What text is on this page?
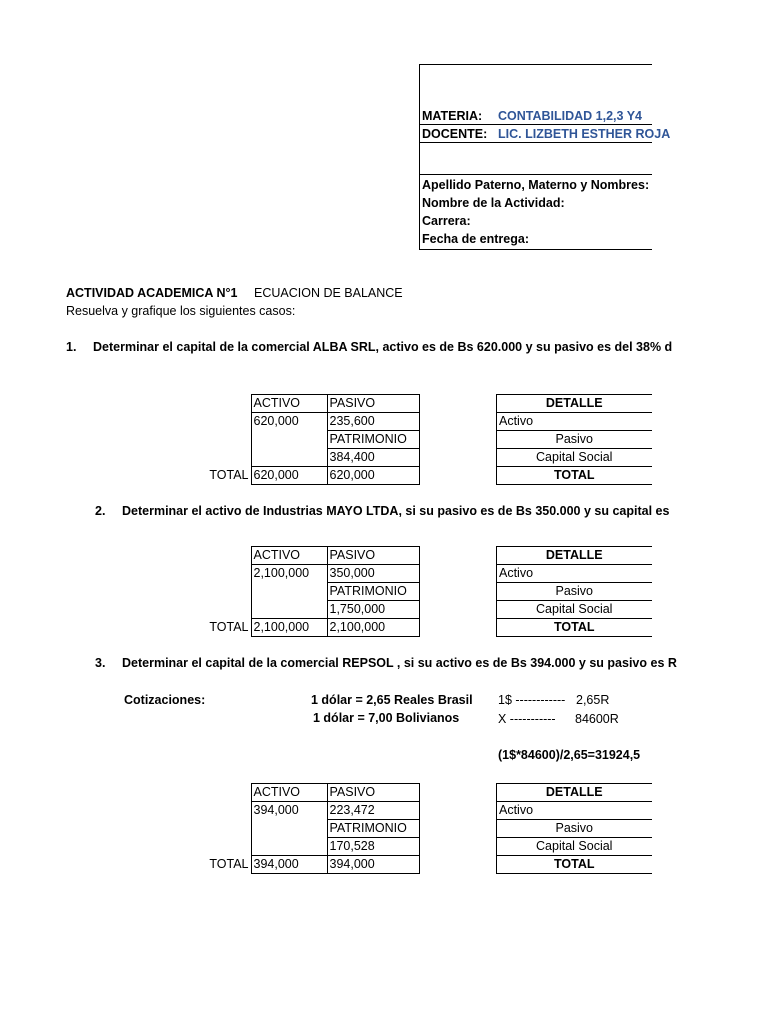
MATERIA: CONTABILIDAD 1,2,3 Y4
DOCENTE: LIC. LIZBETH ESTHER ROJA
Apellido Paterno, Materno y Nombres:
Nombre de la Actividad:
Carrera:
Fecha de entrega:
ACTIVIDAD ACADEMICA N°1 ECUACION DE BALANCE
Resuelva y grafique los siguientes casos:
1. Determinar el capital de la comercial ALBA SRL, activo es de Bs 620.000 y su pasivo es del 38% d
	ACTIVO	PASIVO
	620,000	235,600
		PATRIMONIO
		384,400
TOTAL	620,000	620,000
DETALLE
Activo
Pasivo
Capital Social
TOTAL
2. Determinar el activo de Industrias MAYO LTDA, si su pasivo es de Bs 350.000 y su capital es
	ACTIVO	PASIVO
	2,100,000	350,000
		PATRIMONIO
		1,750,000
TOTAL	2,100,000	2,100,000
DETALLE
Activo
Pasivo
Capital Social
TOTAL
3. Determinar el capital de la comercial REPSOL , si su activo es de Bs 394.000 y su pasivo es R
Cotizaciones:	1 dólar = 2,65 Reales Brasil
1 dólar = 7,00 Bolivianos
1$ ------------ 2,65R
X ----------- 84600R
(1$*84600)/2,65=31924,5
	ACTIVO	PASIVO
	394,000	223,472
		PATRIMONIO
		170,528
TOTAL	394,000	394,000
DETALLE
Activo
Pasivo
Capital Social
TOTAL
